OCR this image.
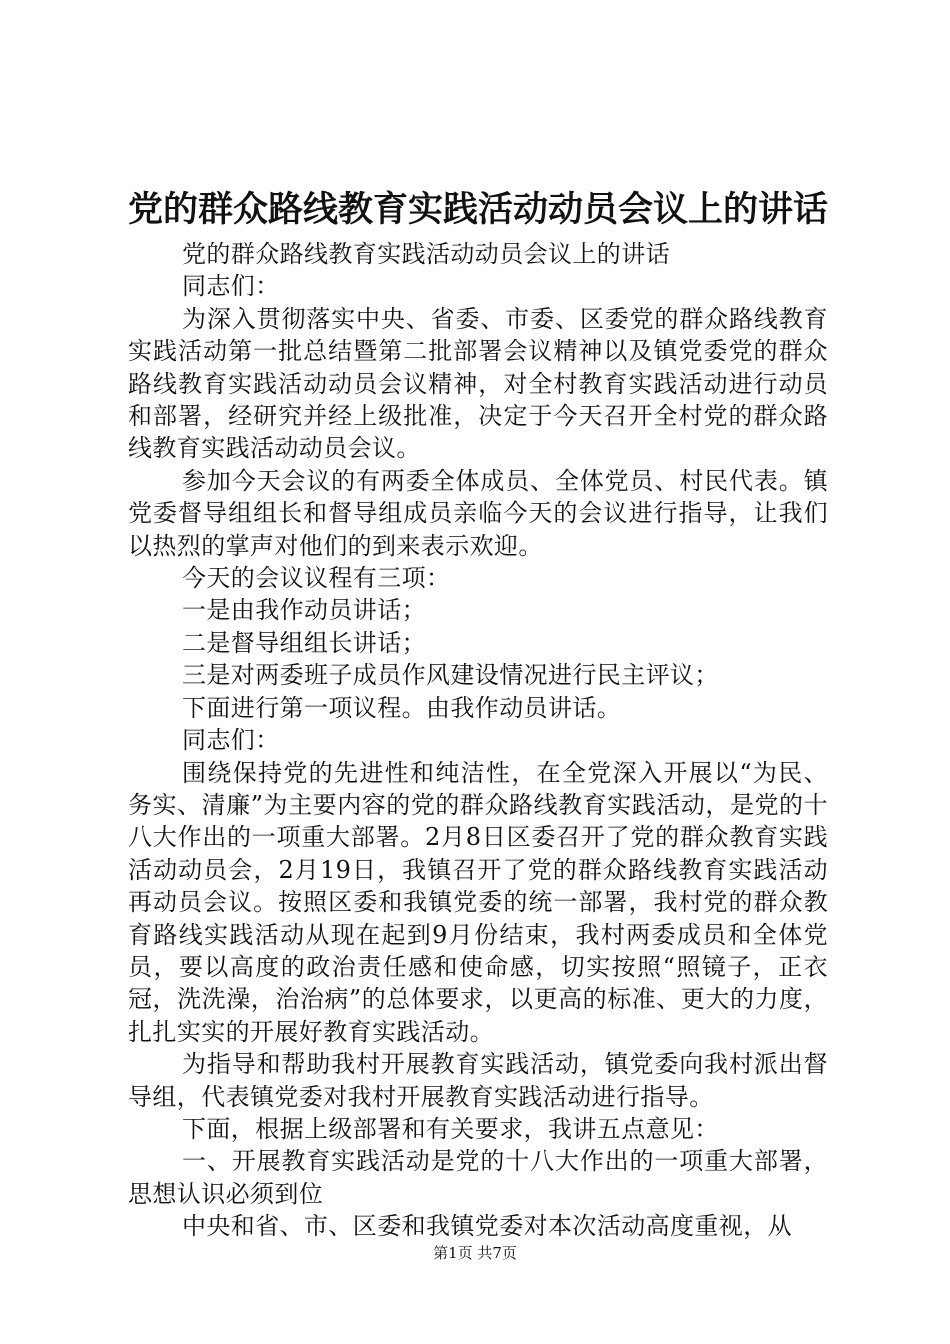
党的群众路线教育实践活动动员会议上的讲话

党的群众路线教育实践活动动员会议上的讲话

同志们：

为深入贯彻落实中央、省委、市委、区委党的群众路线教育实践活动第一批总结暨第二批部署会议精神以及镇党委党的群众路线教育实践活动动员会议精神，对全村教育实践活动进行动员和部署，经研究并经上级批准，决定于今天召开全村党的群众路线教育实践活动动员会议。

参加今天会议的有两委全体成员、全体党员、村民代表。镇党委督导组组长和督导组成员亲临今天的会议进行指导，让我们以热烈的掌声对他们的到来表示欢迎。

今天的会议议程有三项：

一是由我作动员讲话；

二是督导组组长讲话；

三是对两委班子成员作风建设情况进行民主评议；

下面进行第一项议程。由我作动员讲话。

同志们：

围绕保持党的先进性和纯洁性，在全党深入开展以“为民、务实、清廉”为主要内容的党的群众路线教育实践活动，是党的十八大作出的一项重大部署。2月8日区委召开了党的群众教育实践活动动员会，2月19日，我镇召开了党的群众路线教育实践活动再动员会议。按照区委和我镇党委的统一部署，我村党的群众教育路线实践活动从现在起到9月份结束，我村两委成员和全体党员，要以高度的政治责任感和使命感，切实按照“照镜子，正衣冠，洗洗澡，治治病”的总体要求，以更高的标准、更大的力度，扎扎实实的开展好教育实践活动。

为指导和帮助我村开展教育实践活动，镇党委向我村派出督导组，代表镇党委对我村开展教育实践活动进行指导。

下面，根据上级部署和有关要求，我讲五点意见：

一、开展教育实践活动是党的十八大作出的一项重大部署，思想认识必须到位

中央和省、市、区委和我镇党委对本次活动高度重视，从

第1页 共7页
